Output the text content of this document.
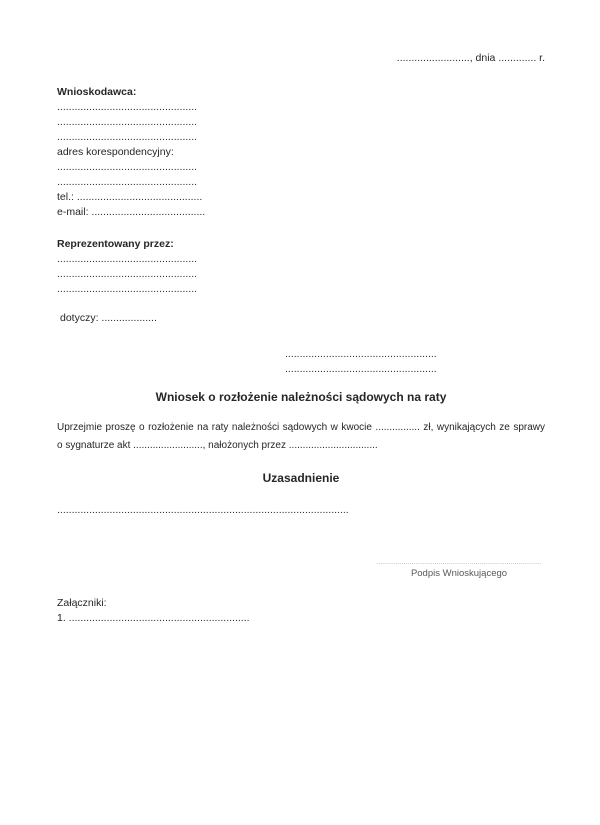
........................., dnia ............. r.
Wnioskodawca:
................................................
................................................
................................................
adres korespondencyjny:
................................................
................................................
tel.: ...........................................
e-mail: .......................................
Reprezentowany przez:
................................................
................................................
................................................
dotyczy: ...................
....................................................
....................................................
Wniosek o rozłożenie należności sądowych na raty
Uprzejmie proszę o rozłożenie na raty należności sądowych w kwocie ................ zł, wynikających ze sprawy
o sygnaturze akt ........................., nałożonych przez ................................
Uzasadnienie
....................................................................................................
.....................................................................................
Podpis Wnioskującego
Załączniki:
1. ..............................................................
